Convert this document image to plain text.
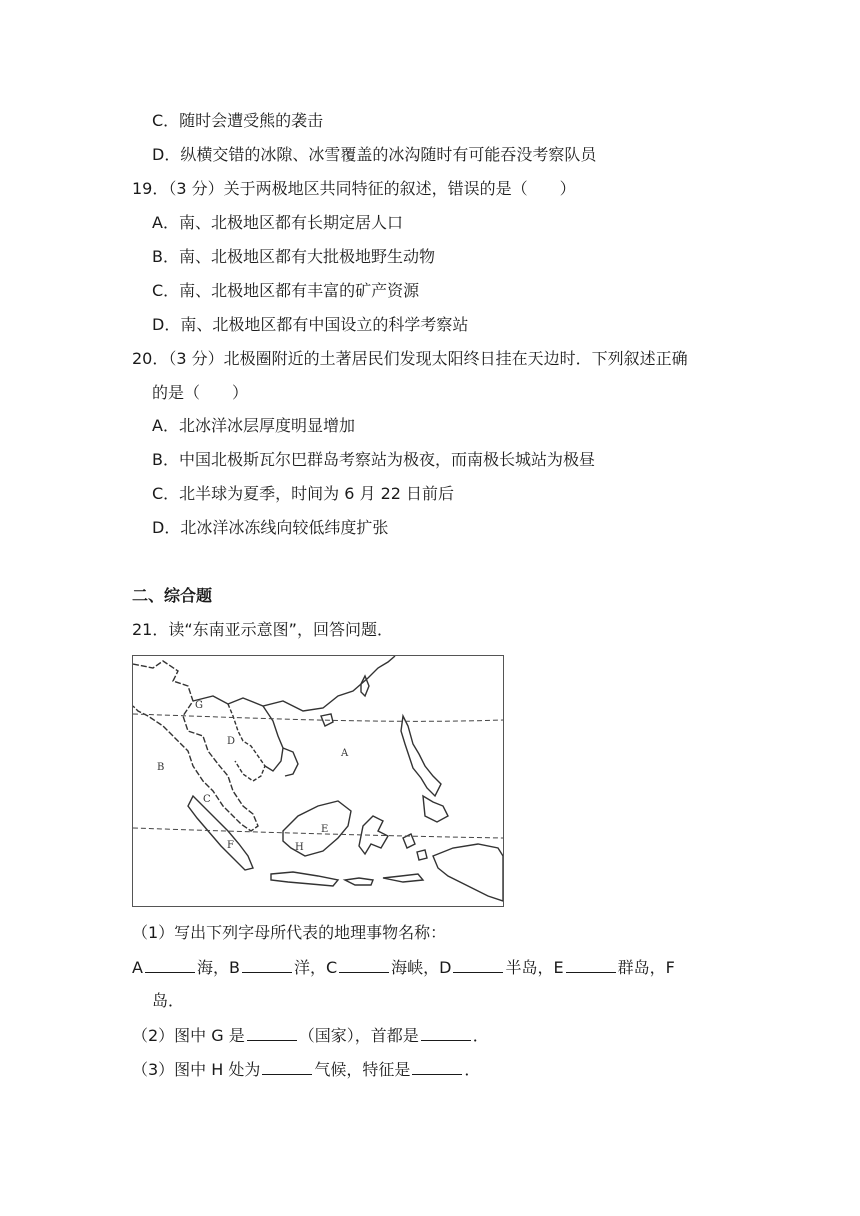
C．随时会遭受熊的袭击
D．纵横交错的冰隙、冰雪覆盖的冰沟随时有可能吞没考察队员
19．（3 分）关于两极地区共同特征的叙述，错误的是（　　）
A．南、北极地区都有长期定居人口
B．南、北极地区都有大批极地野生动物
C．南、北极地区都有丰富的矿产资源
D．南、北极地区都有中国设立的科学考察站
20．（3 分）北极圈附近的土著居民们发现太阳终日挂在天边时．下列叙述正确
的是（　　）
A．北冰洋冰层厚度明显增加
B．中国北极斯瓦尔巴群岛考察站为极夜，而南极长城站为极昼
C．北半球为夏季，时间为 6 月 22 日前后
D．北冰洋冰冻线向较低纬度扩张
二、综合题
21．读“东南亚示意图”，回答问题．
G
D
A
B
C
E
F	H
（1）写出下列字母所代表的地理事物名称：
A	海，B	洋，C	海峡，D	半岛，E	群岛，F
岛．
（2）图中 G 是	（国家），首都是	．
（3）图中 H 处为	气候，特征是	．
